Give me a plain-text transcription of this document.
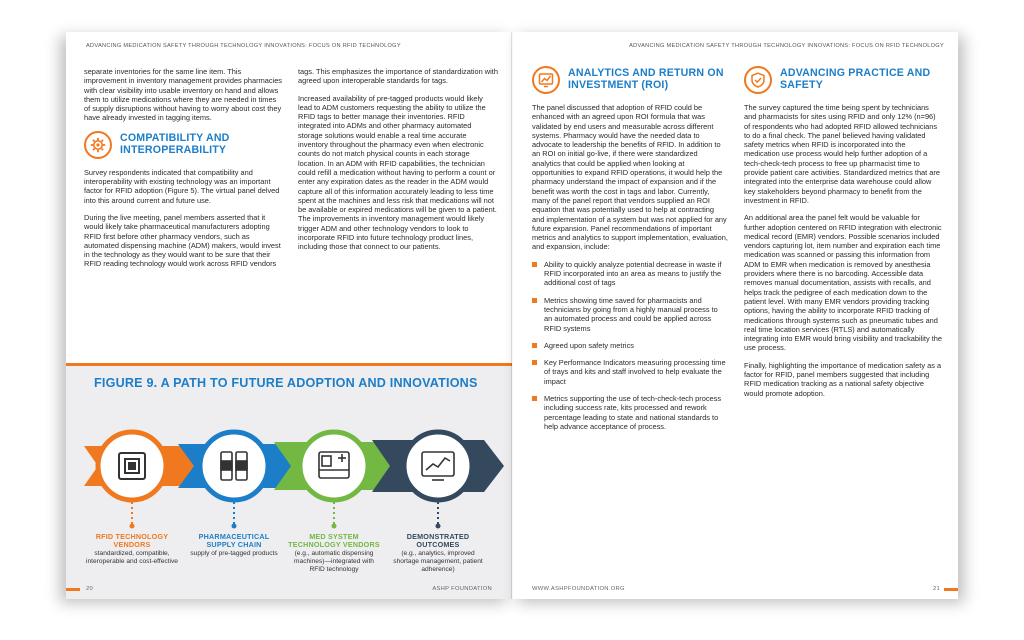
ADVANCING MEDICATION SAFETY THROUGH TECHNOLOGY INNOVATIONS: FOCUS ON RFID TECHNOLOGY

separate inventories for the same line item. This improvement in inventory management provides pharmacies with clear visibility into usable inventory on hand and allows them to utilize medications where they are needed in times of supply disruptions without having to worry about cost they have already invested in tagging items.

COMPATIBILITY AND INTEROPERABILITY

Survey respondents indicated that compatibility and interoperability with existing technology was an important factor for RFID adoption (Figure 5). The virtual panel delved into this around current and future use.

During the live meeting, panel members asserted that it would likely take pharmaceutical manufacturers adopting RFID first before other pharmacy vendors, such as automated dispensing machine (ADM) makers, would invest in the technology as they would want to be sure that their RFID reading technology would work across RFID vendors

tags. This emphasizes the importance of standardization with agreed upon interoperable standards for tags.

Increased availability of pre-tagged products would likely lead to ADM customers requesting the ability to utilize the RFID tags to better manage their inventories. RFID integrated into ADMs and other pharmacy automated storage solutions would enable a real time accurate inventory throughout the pharmacy even when electronic counts do not match physical counts in each storage location. In an ADM with RFID capabilities, the technician could refill a medication without having to perform a count or enter any expiration dates as the reader in the ADM would capture all of this information accurately leading to less time spent at the machines and less risk that medications will not be available or expired medications will be given to a patient. The improvements in inventory management would likely trigger ADM and other technology vendors to look to incorporate RFID into future technology product lines, including those that connect to our patients.

FIGURE 9. A PATH TO FUTURE ADOPTION AND INNOVATIONS
RFID TECHNOLOGY VENDORS
standardized, compatible, interoperable and cost-effective
PHARMACEUTICAL SUPPLY CHAIN
supply of pre-tagged products
MED SYSTEM TECHNOLOGY VENDORS
(e.g., automatic dispensing machines)—integrated with RFID technology
DEMONSTRATED OUTCOMES
(e.g., analytics, improved shortage management, patient adherence)
20	ASHP FOUNDATION
ADVANCING MEDICATION SAFETY THROUGH TECHNOLOGY INNOVATIONS: FOCUS ON RFID TECHNOLOGY
ANALYTICS AND RETURN ON INVESTMENT (ROI)

The panel discussed that adoption of RFID could be enhanced with an agreed upon ROI formula that was validated by end users and measurable across different systems. Pharmacy would have the needed data to advocate to leadership the benefits of RFID. In addition to an ROI on initial go-live, if there were standardized analytics that could be applied when looking at opportunities to expand RFID operations, it would help the pharmacy understand the impact of expansion and if the benefit was worth the cost in tags and labor. Currently, many of the panel report that vendors supplied an ROI equation that was potentially used to help at contracting and implementation of a system but was not applied for any future expansion. Panel recommendations of important metrics and analytics to support implementation, evaluation, and expansion, include:

Ability to quickly analyze potential decrease in waste if RFID incorporated into an area as means to justify the additional cost of tags
Metrics showing time saved for pharmacists and technicians by going from a highly manual process to an automated process and could be applied across RFID systems
Agreed upon safety metrics
Key Performance Indicators measuring processing time of trays and kits and staff involved to help evaluate the impact
Metrics supporting the use of tech-check-tech process including success rate, kits processed and rework percentage leading to state and national standards to help advance acceptance of process.
ADVANCING PRACTICE AND SAFETY

The survey captured the time being spent by technicians and pharmacists for sites using RFID and only 12% (n=96) of respondents who had adopted RFID allowed technicians to do a final check. The panel believed having validated safety metrics when RFID is incorporated into the medication use process would help further adoption of a tech-check-tech process to free up pharmacist time to provide patient care activities. Standardized metrics that are integrated into the enterprise data warehouse could allow key stakeholders beyond pharmacy to benefit from the investment in RFID.

An additional area the panel felt would be valuable for further adoption centered on RFID integration with electronic medical record (EMR) vendors. Possible scenarios included vendors capturing lot, item number and expiration each time medication was scanned or passing this information from ADM to EMR when medication is removed by anesthesia providers where there is no barcoding. Accessible data removes manual documentation, assists with recalls, and helps track the pedigree of each medication down to the patient level. With many EMR vendors providing tracking options, having the ability to incorporate RFID tracking of medications through systems such as pneumatic tubes and real time location services (RTLS) and automatically integrating into EMR would bring visibility and trackability the use process.

Finally, highlighting the importance of medication safety as a factor for RFID, panel members suggested that including RFID medication tracking as a national safety objective would promote adoption.

WWW.ASHPFOUNDATION.ORG	21
